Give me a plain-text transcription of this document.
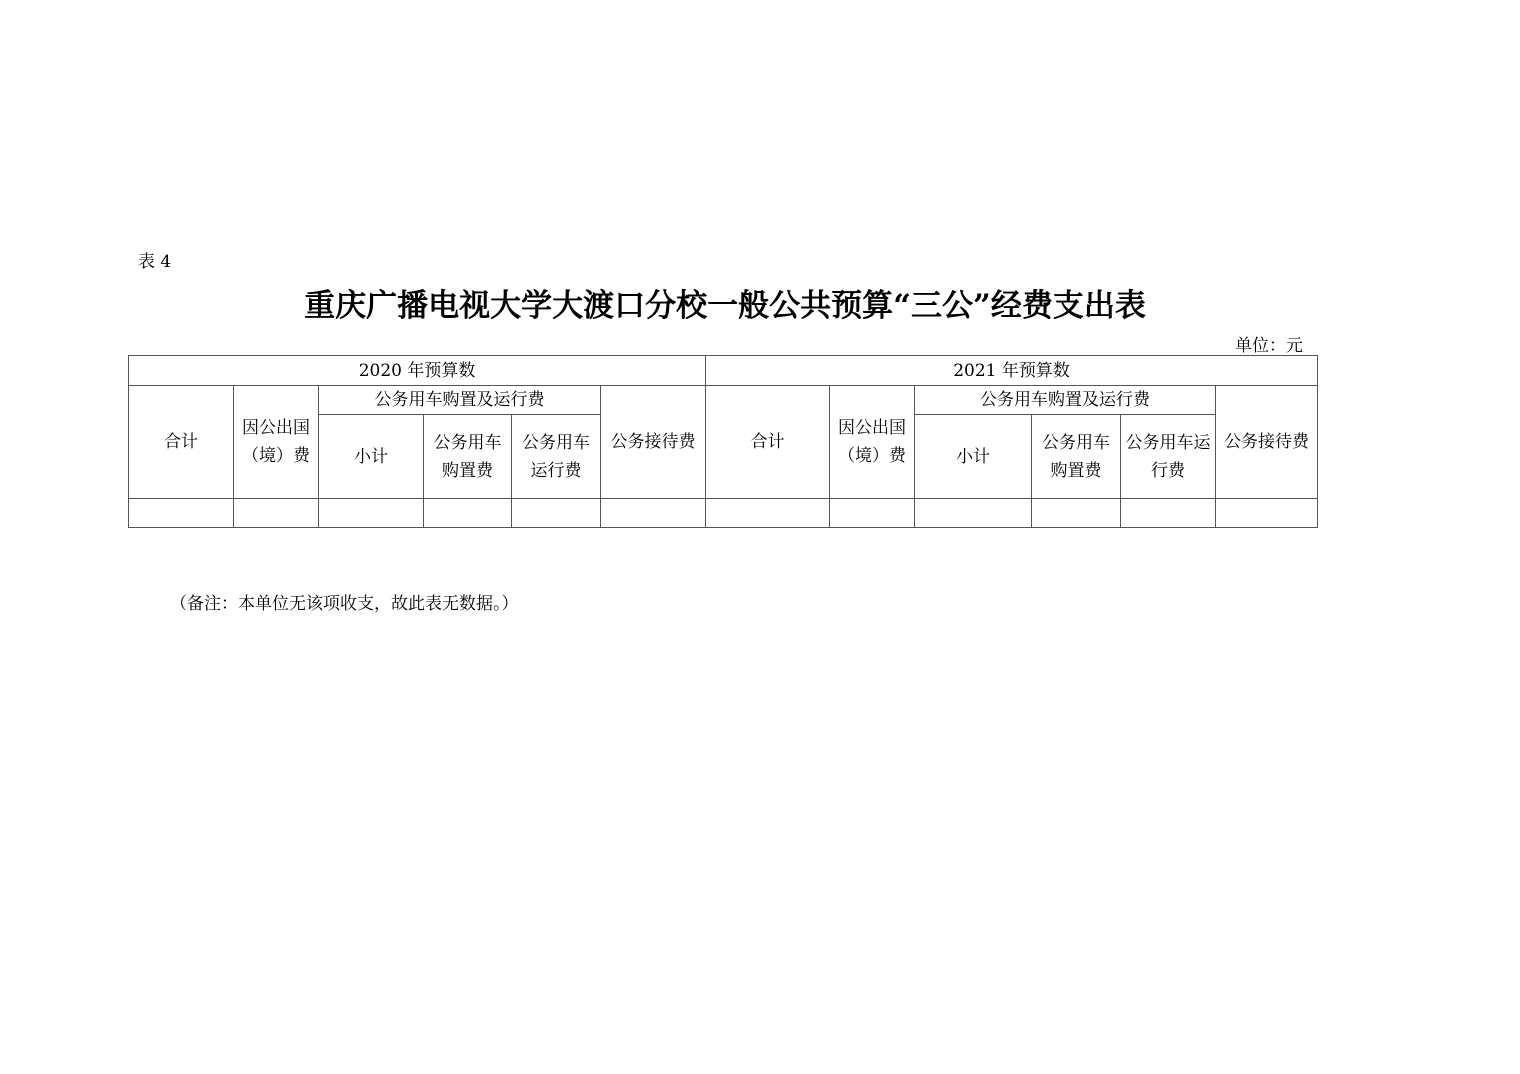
表 4
重庆广播电视大学大渡口分校一般公共预算“三公”经费支出表
单位：元
2020 年预算数						2021 年预算数					
合计	因公出国（境）费	公务用车购置及运行费			公务接待费	合计	因公出国（境）费	公务用车购置及运行费			公务接待费
		小计	公务用车购置费	公务用车运行费				小计	公务用车购置费	公务用车运行费	

（备注：本单位无该项收支，故此表无数据。）
